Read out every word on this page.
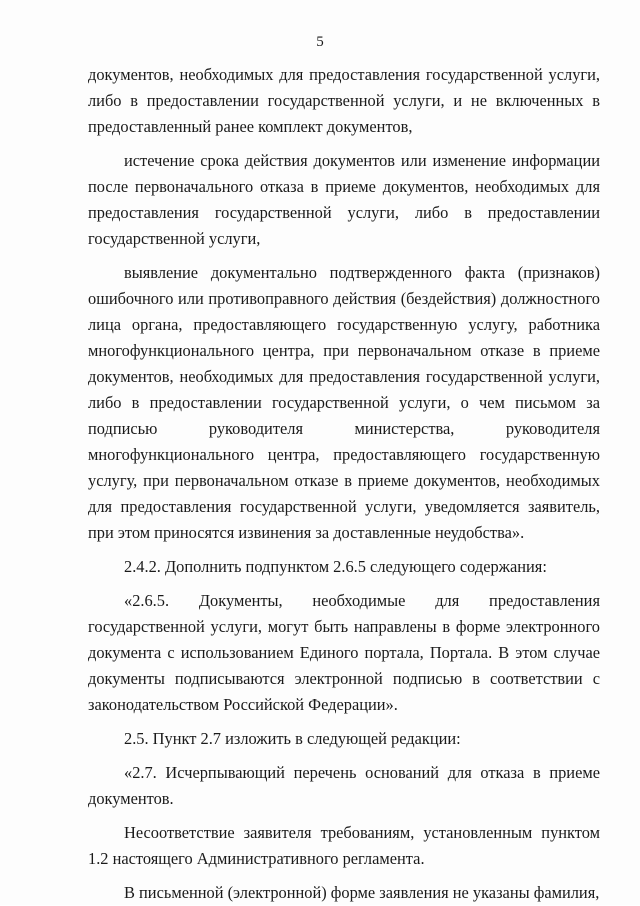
5

документов, необходимых для предоставления государственной услуги, либо в предоставлении государственной услуги, и не включенных в предоставленный ранее комплект документов,

истечение срока действия документов или изменение информации после первоначального отказа в приеме документов, необходимых для предоставления государственной услуги, либо в предоставлении государственной услуги,

выявление документально подтвержденного факта (признаков) ошибочного или противоправного действия (бездействия) должностного лица органа, предоставляющего государственную услугу, работника многофункционального центра, при первоначальном отказе в приеме документов, необходимых для предоставления государственной услуги, либо в предоставлении государственной услуги, о чем письмом за подписью руководителя министерства, руководителя многофункционального центра, предоставляющего государственную услугу, при первоначальном отказе в приеме документов, необходимых для предоставления государственной услуги, уведомляется заявитель, при этом приносятся извинения за доставленные неудобства».

2.4.2. Дополнить подпунктом 2.6.5 следующего содержания:

«2.6.5. Документы, необходимые для предоставления государственной услуги, могут быть направлены в форме электронного документа с использованием Единого портала, Портала. В этом случае документы подписываются электронной подписью в соответствии с законодательством Российской Федерации».

2.5. Пункт 2.7 изложить в следующей редакции:

«2.7. Исчерпывающий перечень оснований для отказа в приеме документов.

Несоответствие заявителя требованиям, установленным пунктом 1.2 настоящего Административного регламента.

В письменной (электронной) форме заявления не указаны фамилия,
